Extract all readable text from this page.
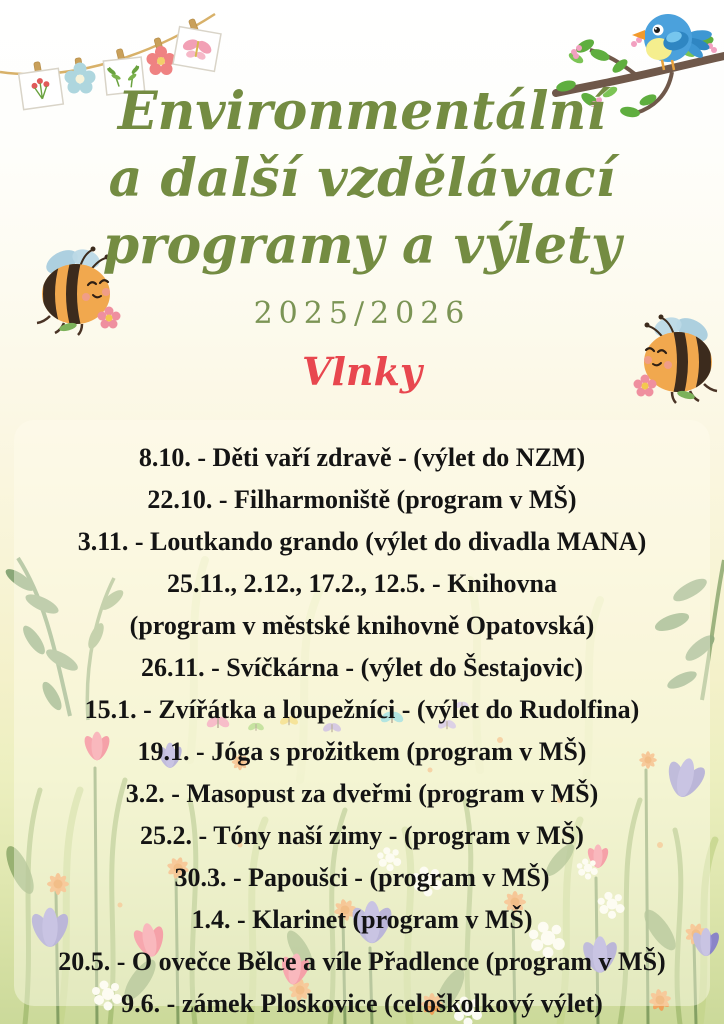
Environmentální
a další vzdělávací
programy a výlety
2025/2026
Vlnky

8.10. - Děti vaří zdravě - (výlet do NZM)

22.10. - Filharmoniště (program v MŠ)

3.11. - Loutkando grando (výlet do divadla MANA)

25.11., 2.12., 17.2., 12.5. - Knihovna

(program v městské knihovně Opatovská)

26.11. - Svíčkárna - (výlet do Šestajovic)

15.1. - Zvířátka a loupežníci - (výlet do Rudolfina)

19.1. - Jóga s prožitkem (program v MŠ)

3.2. - Masopust za dveřmi (program v MŠ)

25.2. - Tóny naší zimy - (program v MŠ)

30.3. - Papoušci - (program v MŠ)

1.4. - Klarinet (program v MŠ)

20.5. - O ovečce Bělce a víle Přadlence (program v MŠ)

9.6. - zámek Ploskovice (celoškolkový výlet)
